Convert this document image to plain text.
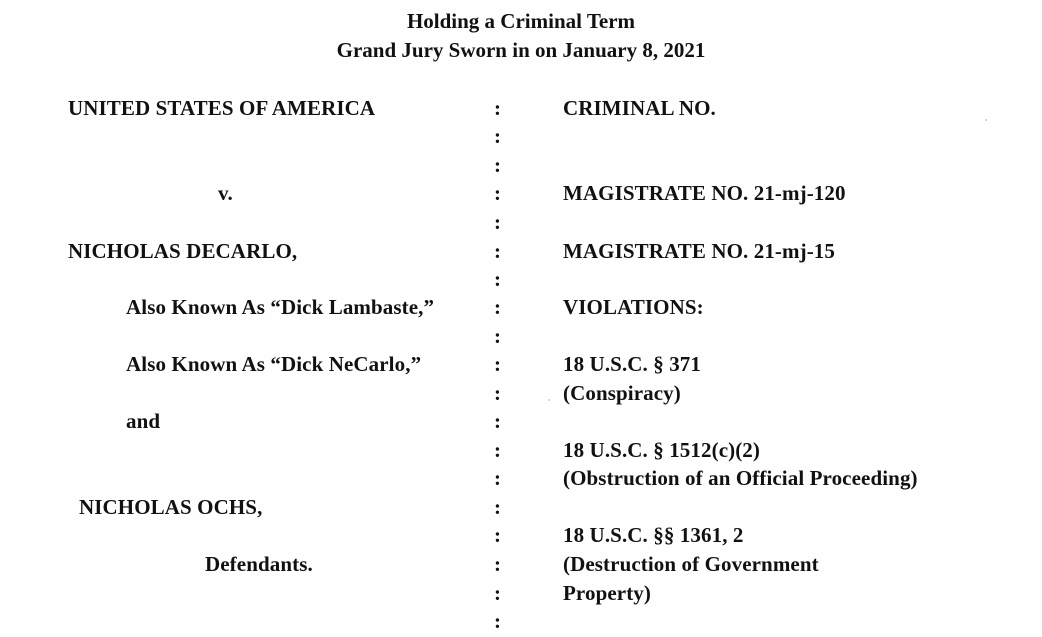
Holding a Criminal Term
Grand Jury Sworn in on January 8, 2021
UNITED STATES OF AMERICA
v.
NICHOLAS DECARLO,
Also Known As “Dick Lambaste,”
Also Known As “Dick NeCarlo,”
and
NICHOLAS OCHS,
Defendants.
:
:
:
:
:
:
:
:
:
:
:
:
:
:
:
:
:
:
:
CRIMINAL NO.
MAGISTRATE NO. 21-mj-120
MAGISTRATE NO. 21-mj-15
VIOLATIONS:
18 U.S.C. § 371
(Conspiracy)
18 U.S.C. § 1512(c)(2)
(Obstruction of an Official Proceeding)
18 U.S.C. §§ 1361, 2
(Destruction of Government
Property)
